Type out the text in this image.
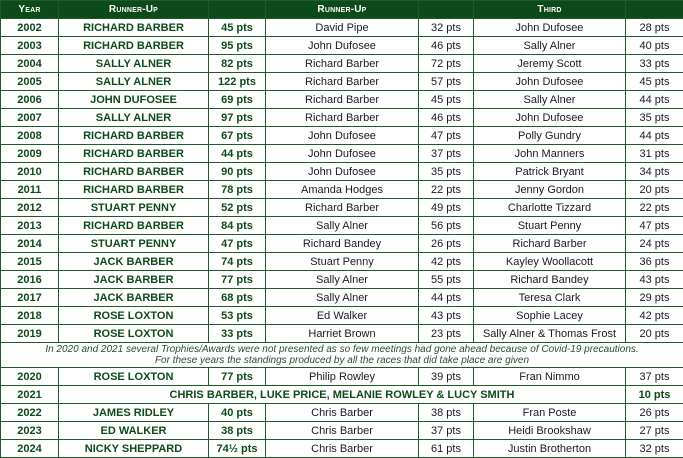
Year	Runner-Up		Runner-Up		Third	
2002	RICHARD BARBER	45 pts	David Pipe	32 pts	John Dufosee	28 pts
2003	RICHARD BARBER	95 pts	John Dufosee	46 pts	Sally Alner	40 pts
2004	SALLY ALNER	82 pts	Richard Barber	72 pts	Jeremy Scott	33 pts
2005	SALLY ALNER	122 pts	Richard Barber	57 pts	John Dufosee	45 pts
2006	JOHN DUFOSEE	69 pts	Richard Barber	45 pts	Sally Alner	44 pts
2007	SALLY ALNER	97 pts	Richard Barber	46 pts	John Dufosee	35 pts
2008	RICHARD BARBER	67 pts	John Dufosee	47 pts	Polly Gundry	44 pts
2009	RICHARD BARBER	44 pts	John Dufosee	37 pts	John Manners	31 pts
2010	RICHARD BARBER	90 pts	John Dufosee	35 pts	Patrick Bryant	34 pts
2011	RICHARD BARBER	78 pts	Amanda Hodges	22 pts	Jenny Gordon	20 pts
2012	STUART PENNY	52 pts	Richard Barber	49 pts	Charlotte Tizzard	22 pts
2013	RICHARD BARBER	84 pts	Sally Alner	56 pts	Stuart Penny	47 pts
2014	STUART PENNY	47 pts	Richard Bandey	26 pts	Richard Barber	24 pts
2015	JACK BARBER	74 pts	Stuart Penny	42 pts	Kayley Woollacott	36 pts
2016	JACK BARBER	77 pts	Sally Alner	55 pts	Richard Bandey	43 pts
2017	JACK BARBER	68 pts	Sally Alner	44 pts	Teresa Clark	29 pts
2018	ROSE LOXTON	53 pts	Ed Walker	43 pts	Sophie Lacey	42 pts
2019	ROSE LOXTON	33 pts	Harriet Brown	23 pts	Sally Alner & Thomas Frost	20 pts

In 2020 and 2021 several Trophies/Awards were not presented as so few meetings had gone ahead because of Covid-19 precautions.
For these years the standings produced by all the races that did take place are given						

2020	ROSE LOXTON	77 pts	Philip Rowley	39 pts	Fran Nimmo	37 pts
2021	CHRIS BARBER, LUKE PRICE, MELANIE ROWLEY & LUCY SMITH					10 pts
2022	JAMES RIDLEY	40 pts	Chris Barber	38 pts	Fran Poste	26 pts
2023	ED WALKER	38 pts	Chris Barber	37 pts	Heidi Brookshaw	27 pts
2024	NICKY SHEPPARD	74½ pts	Chris Barber	61 pts	Justin Brotherton	32 pts
